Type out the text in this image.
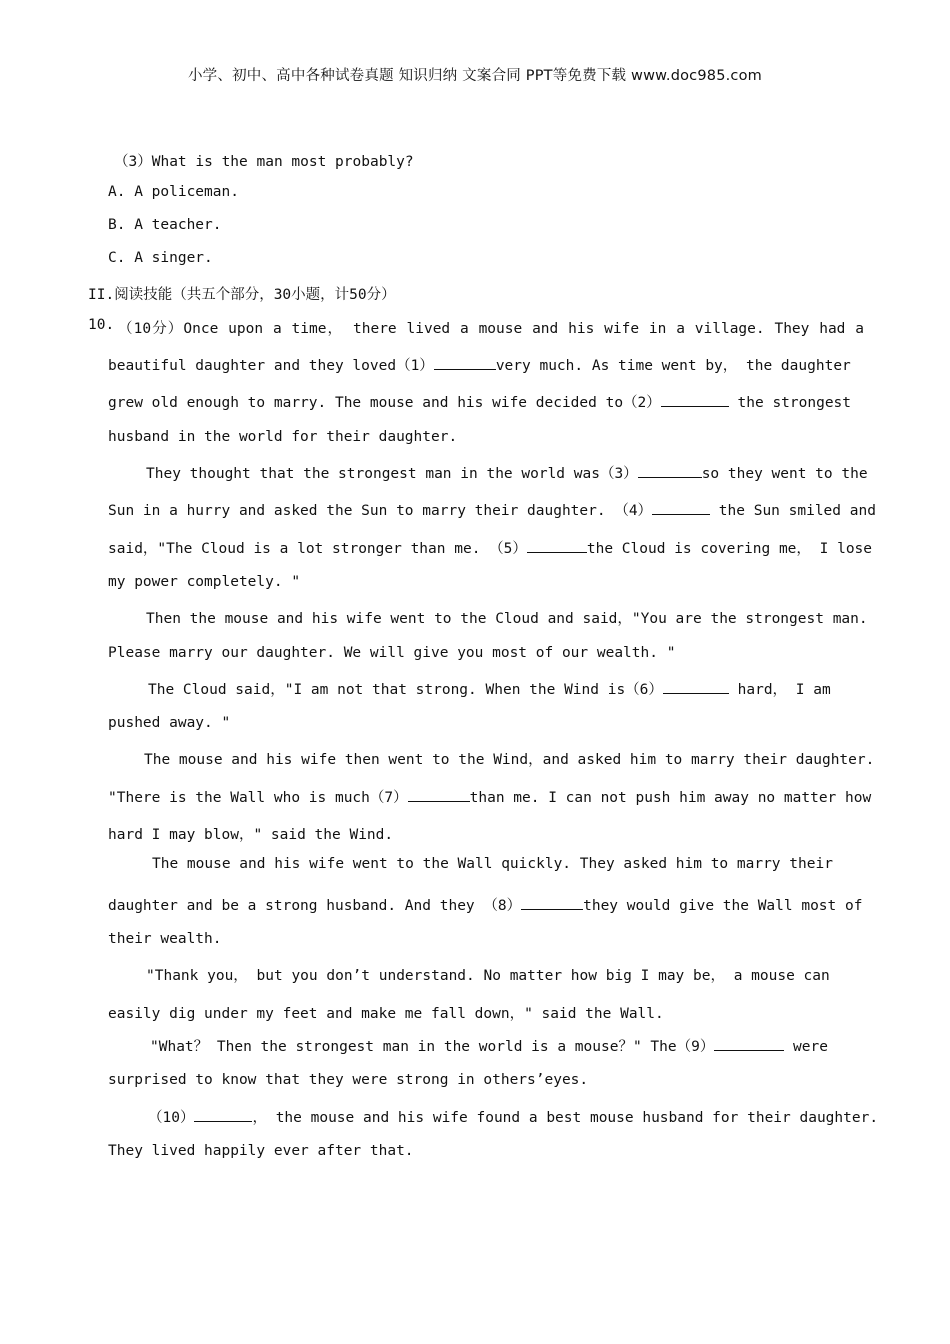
小学、初中、高中各种试卷真题 知识归纳 文案合同 PPT等免费下载 www.doc985.com
（3）What is the man most probably?
A. A policeman.
B. A teacher.
C. A singer.
II.阅读技能（共五个部分，30小题，计50分）
10. （10分）Once upon a time， there lived a mouse and his wife in a village. They had a
beautiful daughter and they loved（1）	very much. As time went by， the daughter
grew old enough to marry. The mouse and his wife decided to（2）	the strongest
husband in the world for their daughter.
They thought that the strongest man in the world was（3）	so they went to the
Sun in a hurry and asked the Sun to marry their daughter. （4）	the Sun smiled and
said，"The Cloud is a lot stronger than me. （5）	the Cloud is covering me， I lose
my power completely. "
Then the mouse and his wife went to the Cloud and said，"You are the strongest man.
Please marry our daughter. We will give you most of our wealth. "
The Cloud said，"I am not that strong. When the Wind is（6）	hard， I am
pushed away. "
The mouse and his wife then went to the Wind，and asked him to marry their daughter.
"There is the Wall who is much（7）	than me. I can not push him away no matter how
hard I may blow，" said the Wind.
The mouse and his wife went to the Wall quickly. They asked him to marry their
daughter and be a strong husband. And they （8）	they would give the Wall most of
their wealth.
"Thank you， but you don’t understand. No matter how big I may be， a mouse can
easily dig under my feet and make me fall down，" said the Wall.
"What？ Then the strongest man in the world is a mouse？" The（9）	were
surprised to know that they were strong in others’eyes.
（10）	， the mouse and his wife found a best mouse husband for their daughter.
They lived happily ever after that.
